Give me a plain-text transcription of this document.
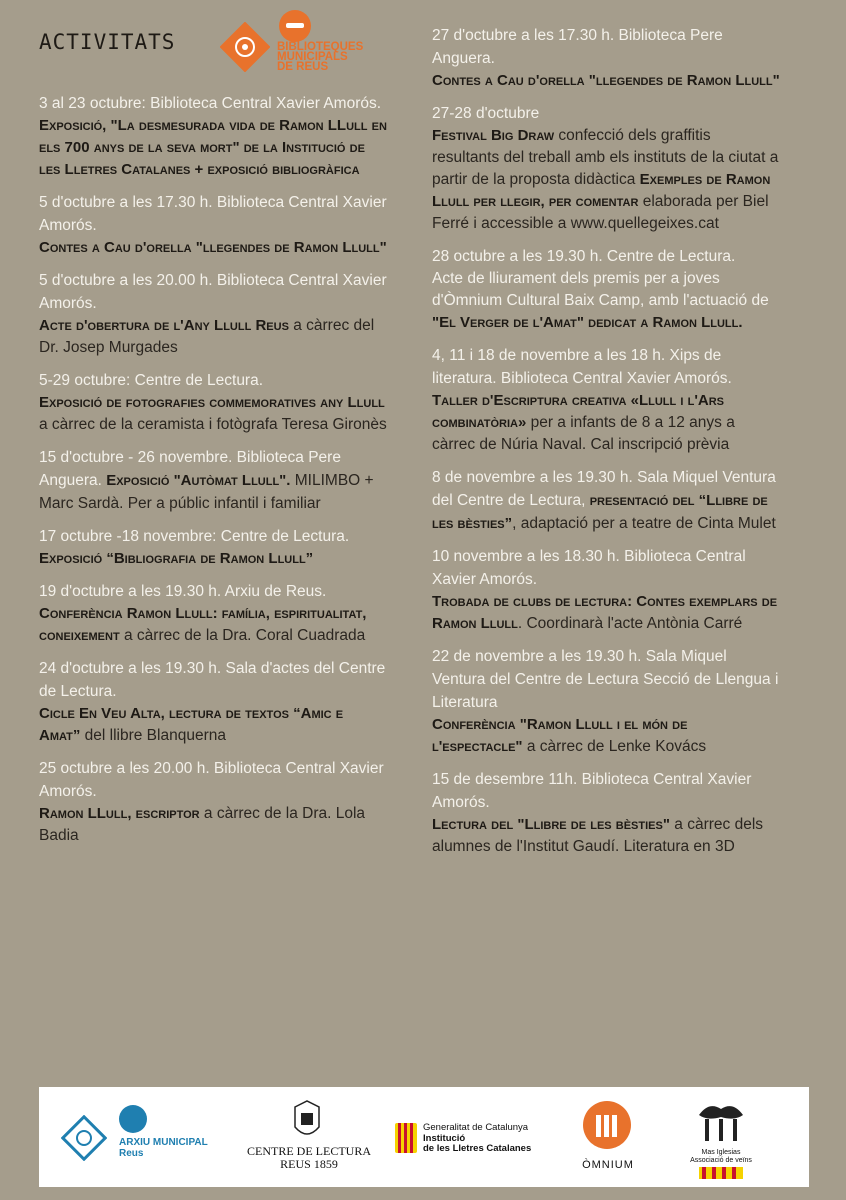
ACTIVITATS	BIBLIOTEQUES
MUNICIPALS
DE REUS
3 al 23 octubre: Biblioteca Central Xavier Amorós.
Exposició, "La desmesurada vida de Ramon LLull en els 700 anys de la seva mort" de la Institució de les Lletres Catalanes + exposició bibliogràfica
5 d'octubre a les 17.30 h. Biblioteca Central Xavier Amorós.
Contes a Cau d'orella "llegendes de Ramon Llull"
5 d'octubre a les 20.00 h. Biblioteca Central Xavier Amorós.
Acte d'obertura de l'Any Llull Reus a càrrec del Dr. Josep Murgades
5-29 octubre: Centre de Lectura.
Exposició de fotografies commemoratives any Llull a càrrec de la ceramista i fotògrafa Teresa Gironès
15 d'octubre - 26 novembre. Biblioteca Pere Anguera. Exposició "Autòmat Llull". MILIMBO + Marc Sardà. Per a públic infantil i familiar
17 octubre -18 novembre: Centre de Lectura.
Exposició “Bibliografia de Ramon Llull”
19 d'octubre a les 19.30 h. Arxiu de Reus.
Conferència Ramon Llull: família, espiritualitat, coneixement a càrrec de la Dra. Coral Cuadrada
24 d'octubre a les 19.30 h. Sala d'actes del Centre de Lectura.
Cicle En Veu Alta, lectura de textos “Amic e Amat” del llibre Blanquerna
25 octubre a les 20.00 h. Biblioteca Central Xavier Amorós.
Ramon LLull, escriptor a càrrec de la Dra. Lola Badia
27 d'octubre a les 17.30 h. Biblioteca Pere Anguera.
Contes a Cau d'orella "llegendes de Ramon Llull"
27-28 d'octubre
Festival Big Draw confecció dels graffitis resultants del treball amb els instituts de la ciutat a partir de la proposta didàctica Exemples de Ramon Llull per llegir, per comentar elaborada per Biel Ferré i accessible a www.quellegeixes.cat
28 octubre a les 19.30 h. Centre de Lectura.
Acte de lliurament dels premis per a joves d'Òmnium Cultural Baix Camp, amb l'actuació de "El Verger de l'Amat" dedicat a Ramon Llull.
4, 11 i 18 de novembre a les 18 h. Xips de literatura. Biblioteca Central Xavier Amorós.
Taller d'Escriptura creativa «Llull i l'Ars combinatòria» per a infants de 8 a 12 anys a càrrec de Núria Naval. Cal inscripció prèvia
8 de novembre a les 19.30 h. Sala Miquel Ventura del Centre de Lectura, presentació del “Llibre de les bèsties”, adaptació per a teatre de Cinta Mulet
10 novembre a les 18.30 h. Biblioteca Central Xavier Amorós.
Trobada de clubs de lectura: Contes exemplars de Ramon Llull. Coordinarà l'acte Antònia Carré
22 de novembre a les 19.30 h. Sala Miquel Ventura del Centre de Lectura Secció de Llengua i Literatura
Conferència "Ramon Llull i el món de l'espectacle" a càrrec de Lenke Kovács
15 de desembre 11h. Biblioteca Central Xavier Amorós.
Lectura del "Llibre de les bèsties" a càrrec dels alumnes de l'Institut Gaudí. Literatura en 3D
ARXIU MUNICIPAL
Reus	CENTRE DE LECTURA
REUS 1859
Generalitat de Catalunya
Institució
de les Lletres Catalanes
ÒMNIUM
Mas Iglesias
Associació de veïns
